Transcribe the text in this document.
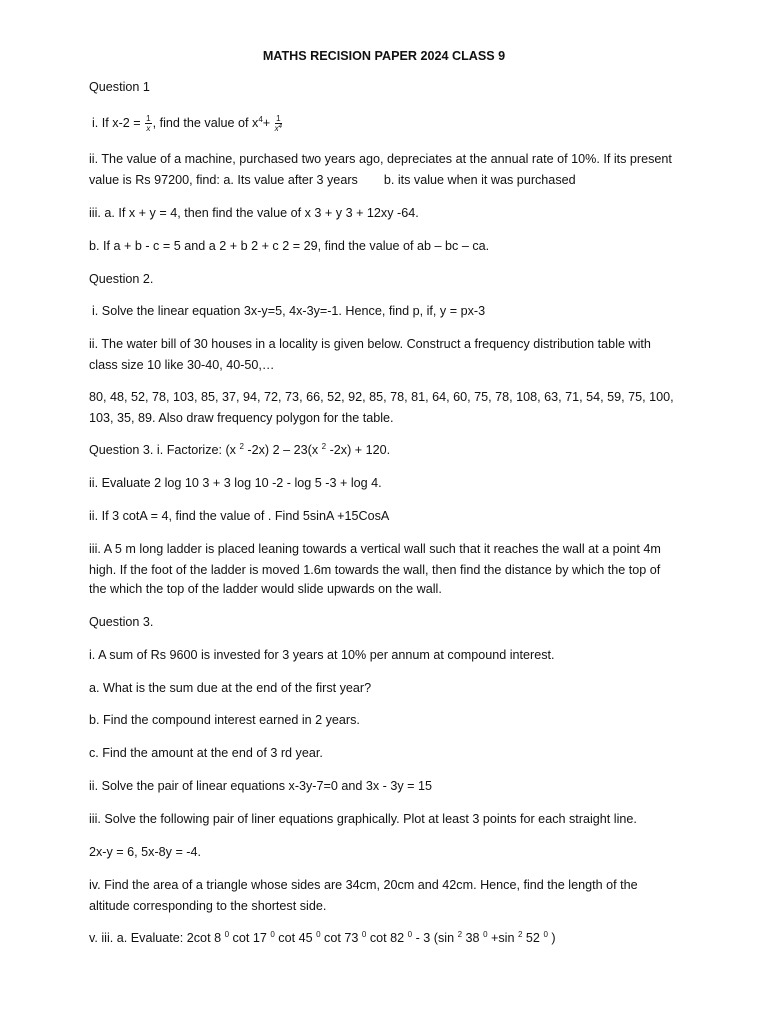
MATHS RECISION PAPER 2024 CLASS 9

Question 1

i. If $x-2 = \frac{1}{x}$ , find the value of $x^4+ \frac{1}{x^4}$

ii. The value of a machine, purchased two years ago, depreciates at the annual rate of 10%. If its present

value is Rs 97200, find: a. Its value after 3 years b. its value when it was purchased

iii. a. If x + y = 4, then find the value of x 3 + y 3 + 12xy -64.

b. If a + b - c = 5 and a 2 + b 2 + c 2 = 29, find the value of ab – bc – ca.

Question 2.

i. Solve the linear equation 3x-y=5, 4x-3y=-1. Hence, find p, if, y = px-3

ii. The water bill of 30 houses in a locality is given below. Construct a frequency distribution table with

class size 10 like 30-40, 40-50,…

80, 48, 52, 78, 103, 85, 37, 94, 72, 73, 66, 52, 92, 85, 78, 81, 64, 60, 75, 78, 108, 63, 71, 54, 59, 75, 100,

103, 35, 89. Also draw frequency polygon for the table.

Question 3. i. Factorize: (x $^2$ -2x) 2 – 23(x $^2$ -2x) + 120.

ii. Evaluate 2 log 10 3 + 3 log 10 -2 - log 5 -3 + log 4.

ii. If 3 cotA = 4, find the value of . Find 5sinA +15CosA

iii. A 5 m long ladder is placed leaning towards a vertical wall such that it reaches the wall at a point 4m

high. If the foot of the ladder is moved 1.6m towards the wall, then find the distance by which the top of

the which the top of the ladder would slide upwards on the wall.

Question 3.

i. A sum of Rs 9600 is invested for 3 years at 10% per annum at compound interest.

a. What is the sum due at the end of the first year?

b. Find the compound interest earned in 2 years.

c. Find the amount at the end of 3 rd year.

ii. Solve the pair of linear equations x-3y-7=0 and 3x - 3y = 15

iii. Solve the following pair of liner equations graphically. Plot at least 3 points for each straight line.

2x-y = 6, 5x-8y = -4.

iv. Find the area of a triangle whose sides are 34cm, 20cm and 42cm. Hence, find the length of the

altitude corresponding to the shortest side.

v. iii. a. Evaluate: 2cot 8 $^0$ cot 17 $^0$ cot 45 $^0$ cot 73 $^0$ cot 82 $^0$ - 3 (sin $^2$ 38 $^0$ +sin $^2$ 52 $^0$ )
